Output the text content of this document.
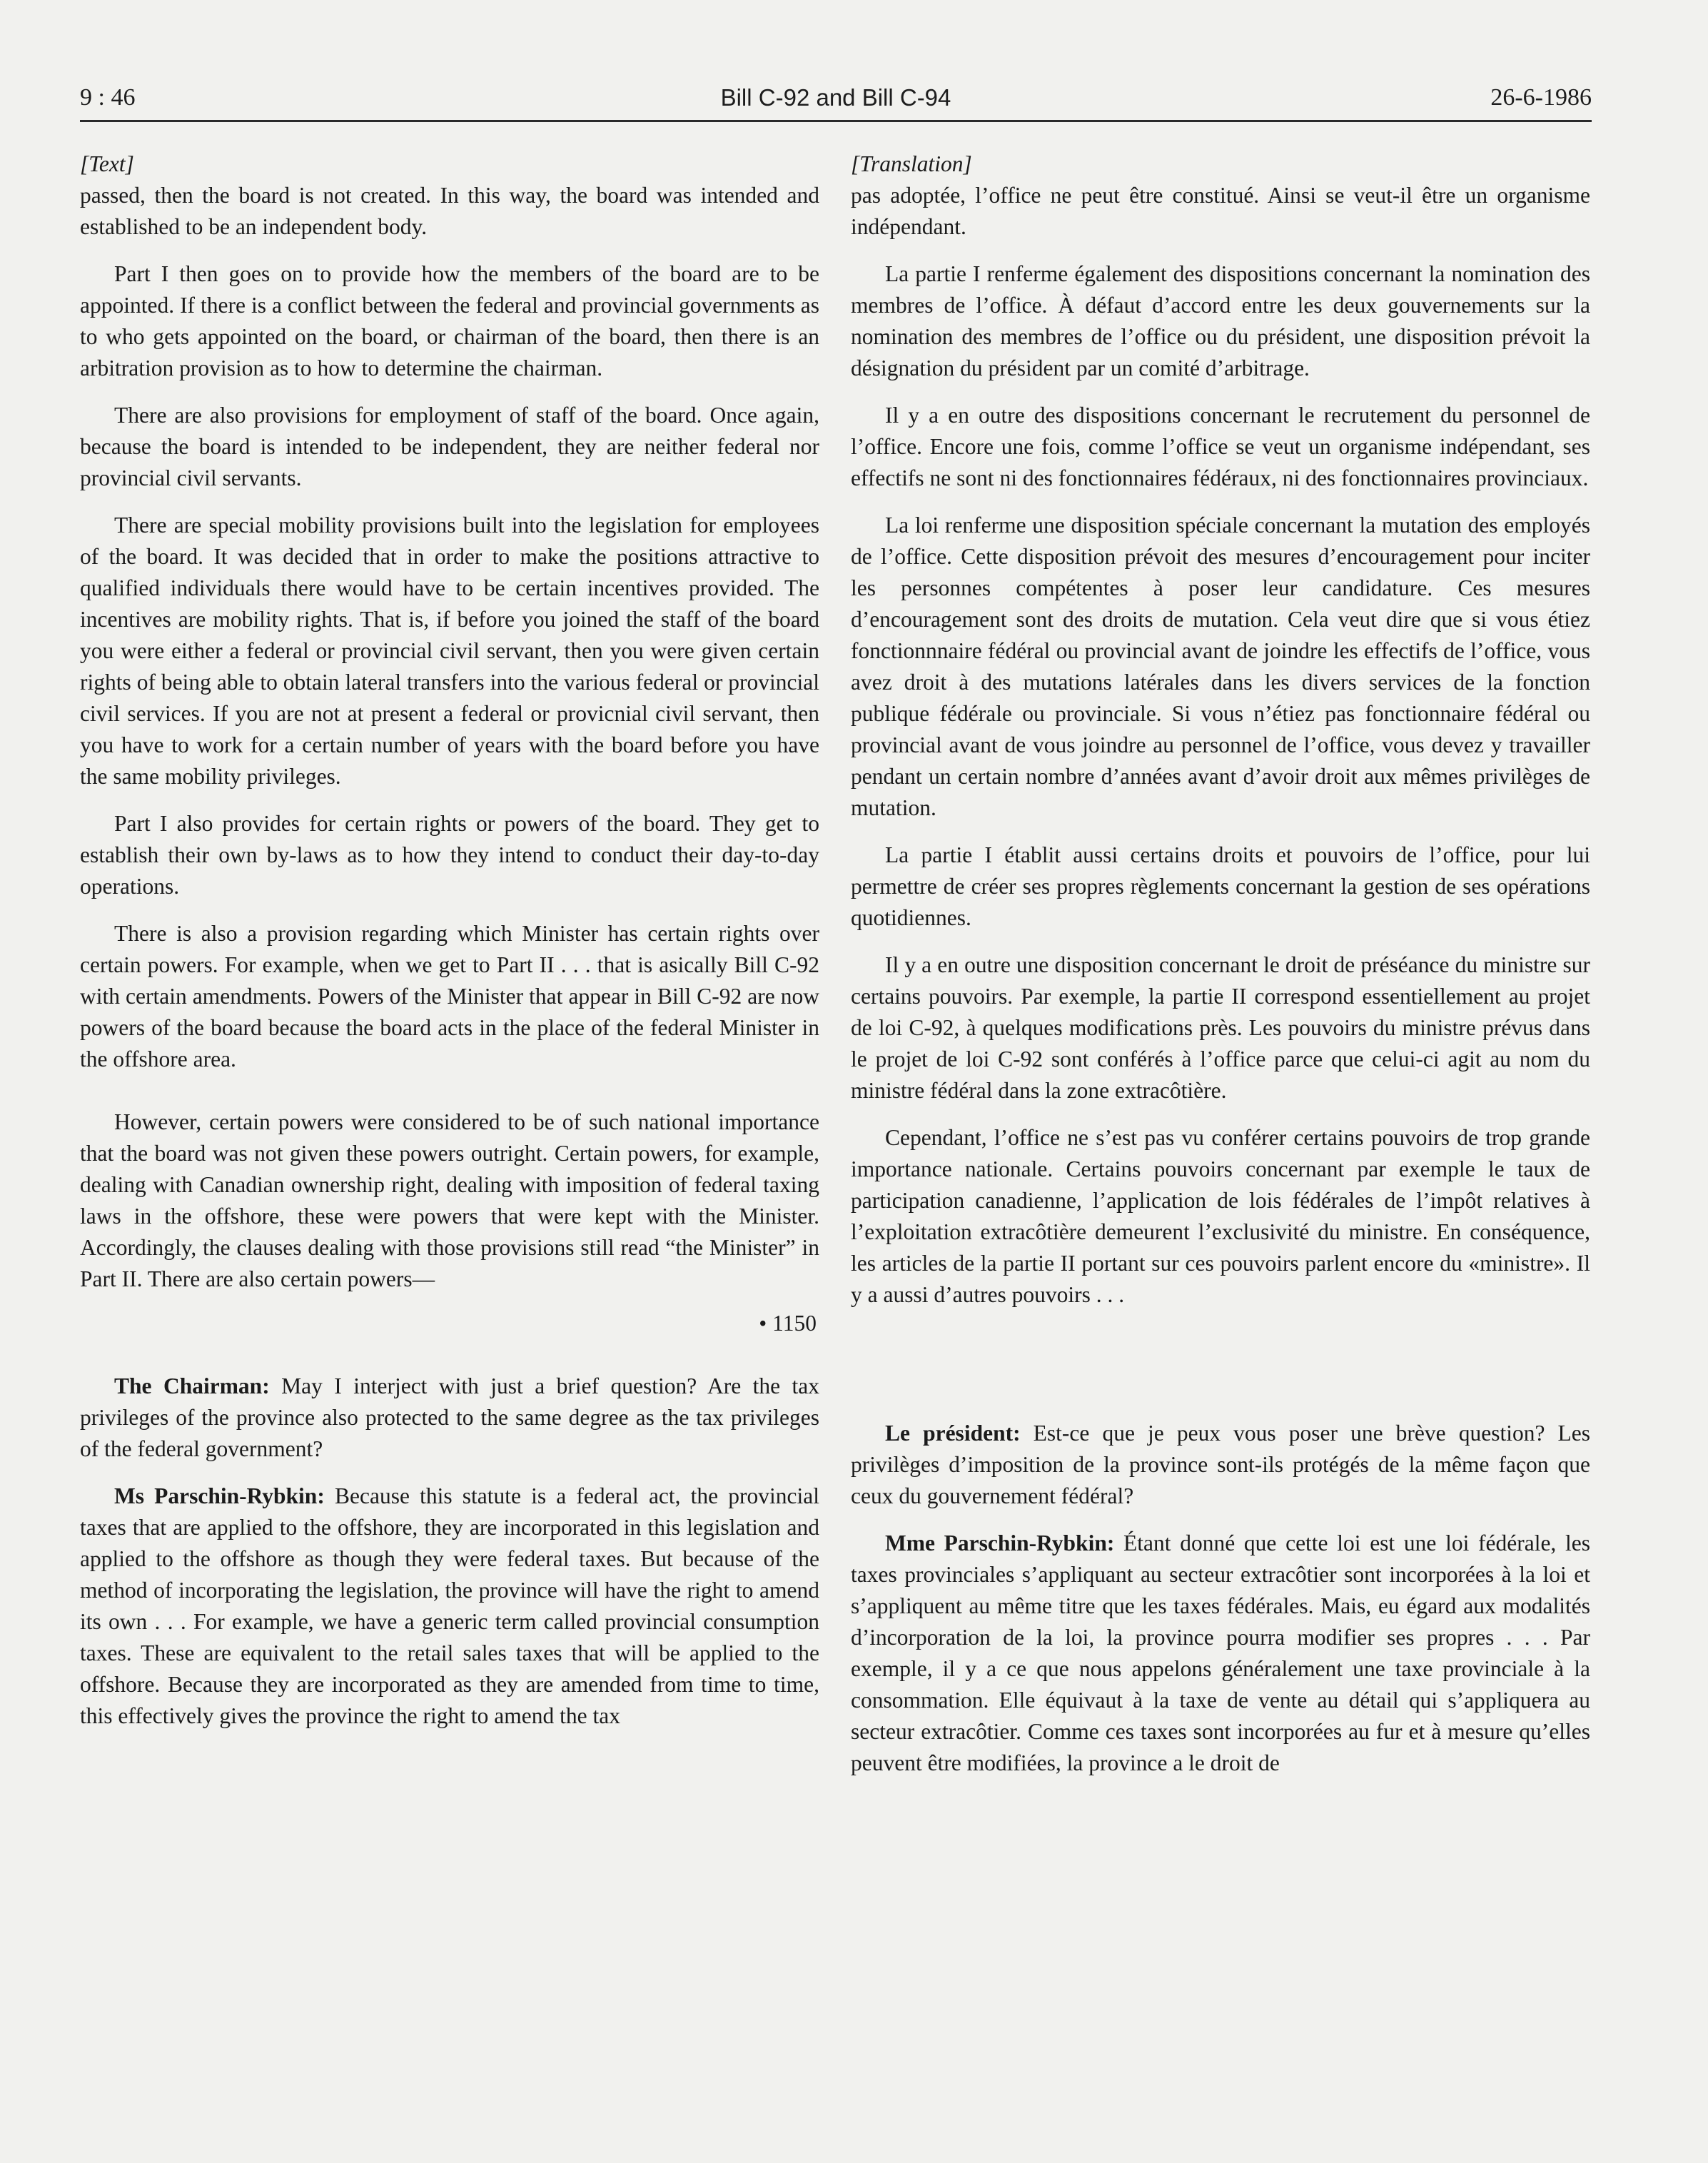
9 : 46	Bill C-92 and Bill C-94	26-6-1986

[Text]

passed, then the board is not created. In this way, the board was intended and established to be an independent body.

Part I then goes on to provide how the members of the board are to be appointed. If there is a conflict between the federal and provincial governments as to who gets appointed on the board, or chairman of the board, then there is an arbitration provision as to how to determine the chairman.

There are also provisions for employment of staff of the board. Once again, because the board is intended to be independent, they are neither federal nor provincial civil servants.

There are special mobility provisions built into the legislation for employees of the board. It was decided that in order to make the positions attractive to qualified individuals there would have to be certain incentives provided. The incentives are mobility rights. That is, if before you joined the staff of the board you were either a federal or provincial civil servant, then you were given certain rights of being able to obtain lateral transfers into the various federal or provincial civil services. If you are not at present a federal or provicnial civil servant, then you have to work for a certain number of years with the board before you have the same mobility privileges.

Part I also provides for certain rights or powers of the board. They get to establish their own by-laws as to how they intend to conduct their day-to-day operations.

There is also a provision regarding which Minister has certain rights over certain powers. For example, when we get to Part II . . . that is asically Bill C-92 with certain amendments. Powers of the Minister that appear in Bill C-92 are now powers of the board because the board acts in the place of the federal Minister in the offshore area.

However, certain powers were considered to be of such national importance that the board was not given these powers outright. Certain powers, for example, dealing with Canadian ownership right, dealing with imposition of federal taxing laws in the offshore, these were powers that were kept with the Minister. Accordingly, the clauses dealing with those provisions still read “the Minister” in Part II. There are also certain powers—

• 1150

The Chairman: May I interject with just a brief question? Are the tax privileges of the province also protected to the same degree as the tax privileges of the federal government?

Ms Parschin-Rybkin: Because this statute is a federal act, the provincial taxes that are applied to the offshore, they are incorporated in this legislation and applied to the offshore as though they were federal taxes. But because of the method of incorporating the legislation, the province will have the right to amend its own . . . For example, we have a generic term called provincial consumption taxes. These are equivalent to the retail sales taxes that will be applied to the offshore. Because they are incorporated as they are amended from time to time, this effectively gives the province the right to amend the tax

[Translation]

pas adoptée, l’office ne peut être constitué. Ainsi se veut-il être un organisme indépendant.

La partie I renferme également des dispositions concernant la nomination des membres de l’office. À défaut d’accord entre les deux gouvernements sur la nomination des membres de l’office ou du président, une disposition prévoit la désignation du président par un comité d’arbitrage.

Il y a en outre des dispositions concernant le recrutement du personnel de l’office. Encore une fois, comme l’office se veut un organisme indépendant, ses effectifs ne sont ni des fonctionnaires fédéraux, ni des fonctionnaires provinciaux.

La loi renferme une disposition spéciale concernant la mutation des employés de l’office. Cette disposition prévoit des mesures d’encouragement pour inciter les personnes compétentes à poser leur candidature. Ces mesures d’encouragement sont des droits de mutation. Cela veut dire que si vous étiez fonctionnnaire fédéral ou provincial avant de joindre les effectifs de l’office, vous avez droit à des mutations latérales dans les divers services de la fonction publique fédérale ou provinciale. Si vous n’étiez pas fonctionnaire fédéral ou provincial avant de vous joindre au personnel de l’office, vous devez y travailler pendant un certain nombre d’années avant d’avoir droit aux mêmes privilèges de mutation.

La partie I établit aussi certains droits et pouvoirs de l’office, pour lui permettre de créer ses propres règlements concernant la gestion de ses opérations quotidiennes.

Il y a en outre une disposition concernant le droit de préséance du ministre sur certains pouvoirs. Par exemple, la partie II correspond essentiellement au projet de loi C-92, à quelques modifications près. Les pouvoirs du ministre prévus dans le projet de loi C-92 sont conférés à l’office parce que celui-ci agit au nom du ministre fédéral dans la zone extracôtière.

Cependant, l’office ne s’est pas vu conférer certains pouvoirs de trop grande importance nationale. Certains pouvoirs concernant par exemple le taux de participation canadienne, l’application de lois fédérales de l’impôt relatives à l’exploitation extracôtière demeurent l’exclusivité du ministre. En conséquence, les articles de la partie II portant sur ces pouvoirs parlent encore du «ministre». Il y a aussi d’autres pouvoirs . . .

Le président: Est-ce que je peux vous poser une brève question? Les privilèges d’imposition de la province sont-ils protégés de la même façon que ceux du gouvernement fédéral?

Mme Parschin-Rybkin: Étant donné que cette loi est une loi fédérale, les taxes provinciales s’appliquant au secteur extracôtier sont incorporées à la loi et s’appliquent au même titre que les taxes fédérales. Mais, eu égard aux modalités d’incorporation de la loi, la province pourra modifier ses propres . . . Par exemple, il y a ce que nous appelons généralement une taxe provinciale à la consommation. Elle équivaut à la taxe de vente au détail qui s’appliquera au secteur extracôtier. Comme ces taxes sont incorporées au fur et à mesure qu’elles peuvent être modifiées, la province a le droit de
